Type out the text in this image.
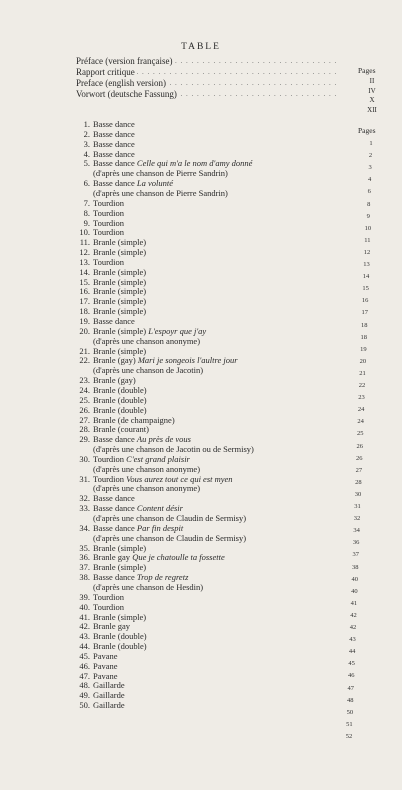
TABLE
Pages
Préface (version française) . . .
II
Rapport critique . . .
IV
Preface (english version) . . .
X
Vorwort (deutsche Fassung) . . .
XII
Pages
1. Basse dance
2. Basse dance
3. Basse dance
4. Basse dance
5. Basse dance Celle qui m'a le nom d'amy donné
(d'après une chanson de Pierre Sandrin)
6. Basse dance La volunté
(d'après une chanson de Pierre Sandrin)
7. Tourdion
8. Tourdion
9. Tourdion
10. Tourdion
11. Branle (simple)
12. Branle (simple)
13. Tourdion
14. Branle (simple)
15. Branle (simple)
16. Branle (simple)
17. Branle (simple)
18. Branle (simple)
19. Basse dance
20. Branle (simple) L'espoyr que j'ay
(d'après une chanson anonyme)
21. Branle (simple)
22. Branle (gay) Mari je songeois l'aultre jour
(d'après une chanson de Jacotin)
23. Branle (gay)
24. Branle (double)
25. Branle (double)
26. Branle (double)
27. Branle (de champaigne)
28. Branle (courant)
29. Basse dance Au près de vous
(d'après une chanson de Jacotin ou de Sermisy)
30. Tourdion C'est grand plaisir
(d'après une chanson anonyme)
31. Tourdion Vous aurez tout ce qui est myen
(d'après une chanson anonyme)
32. Basse dance
33. Basse dance Content désir
(d'après une chanson de Claudin de Sermisy)
34. Basse dance Par fin despit
(d'après une chanson de Claudin de Sermisy)
35. Branle (simple)
36. Branle gay Que je chatoulle ta fossette
37. Branle (simple)
38. Basse dance Trop de regretz
(d'après une chanson de Hesdin)
39. Tourdion
40. Tourdion
41. Branle (simple)
42. Branle gay
43. Branle (double)
44. Branle (double)
45. Pavane
46. Pavane
47. Pavane
48. Gaillarde
49. Gaillarde
50. Gaillarde
1
2
3
4
6
8
9
10
11
12
13
14
15
16
17
18
18
19
20
21
22
23
24
24
25
26
26
27
28
30
31
32
34
36
37
38
40
40
41
42
42
43
44
45
46
47
48
50
51
52
